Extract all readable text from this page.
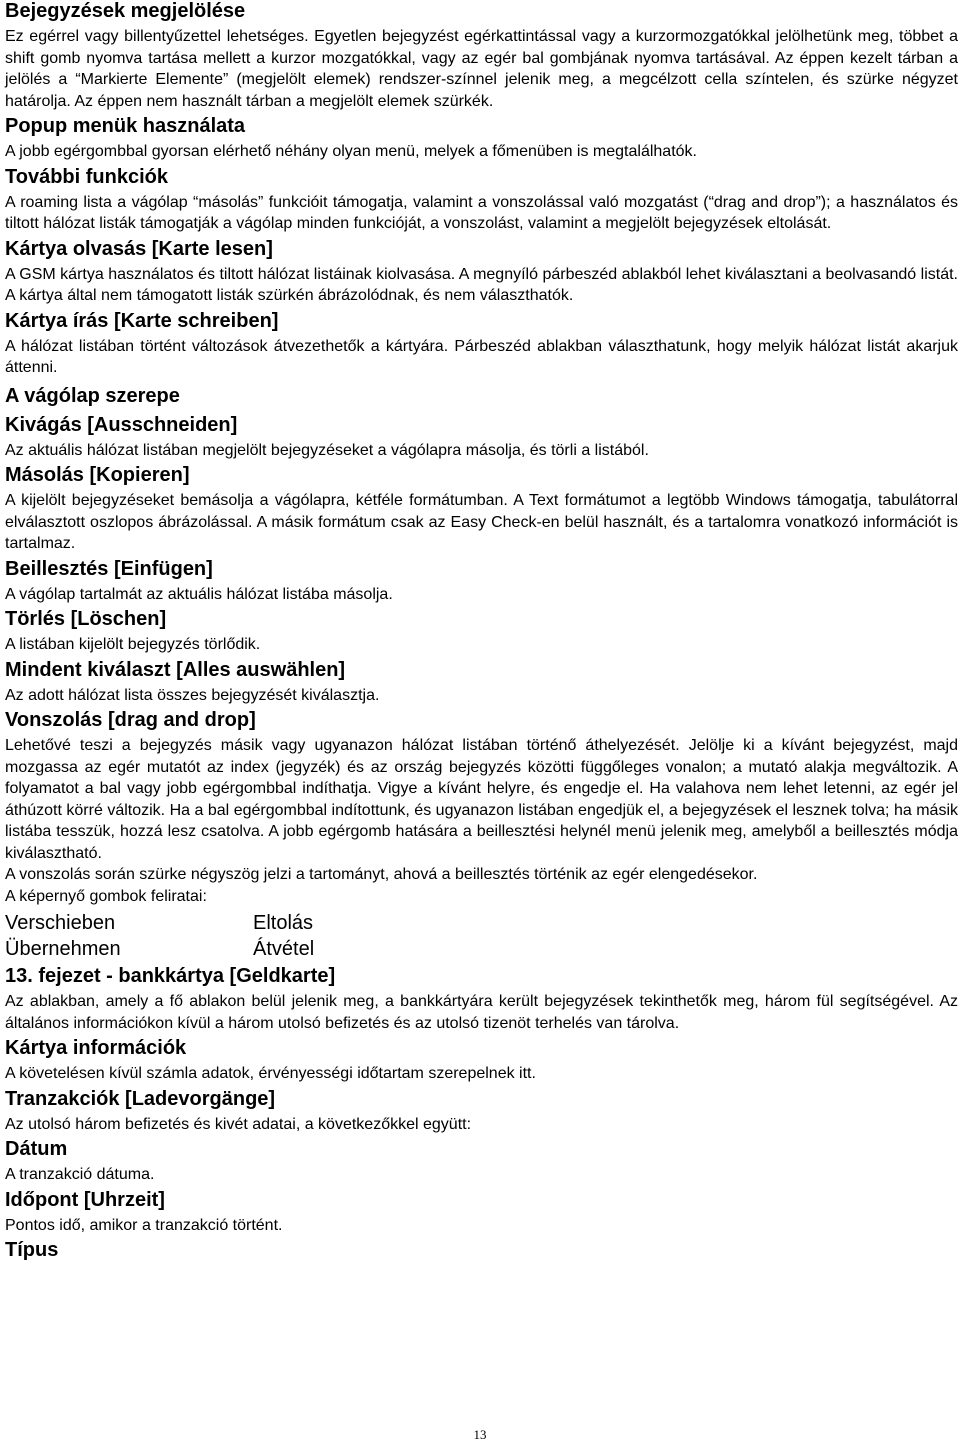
Bejegyzések megjelölése

Ez egérrel vagy billentyűzettel lehetséges. Egyetlen bejegyzést egérkattintással vagy a kurzormozgatókkal jelölhetünk meg, többet a shift gomb nyomva tartása mellett a kurzor mozgatókkal, vagy az egér bal gombjának nyomva tartásával. Az éppen kezelt tárban a jelölés a “Markierte Elemente” (megjelölt elemek) rendszer-színnel jelenik meg, a megcélzott cella színtelen, és szürke négyzet határolja. Az éppen nem használt tárban a megjelölt elemek szürkék.

Popup menük használata

A jobb egérgombbal gyorsan elérhető néhány olyan menü, melyek a főmenüben is megtalálhatók.

További funkciók

A roaming lista a vágólap “másolás” funkcióit támogatja, valamint a vonszolással való mozgatást (“drag and drop”); a használatos és tiltott hálózat listák támogatják a vágólap minden funkcióját, a vonszolást, valamint a megjelölt bejegyzések eltolását.

Kártya olvasás [Karte lesen]

A GSM kártya használatos és tiltott hálózat listáinak kiolvasása. A megnyíló párbeszéd ablakból lehet kiválasztani a beolvasandó listát. A kártya által nem támogatott listák szürkén ábrázolódnak, és nem választhatók.

Kártya írás [Karte schreiben]

A hálózat listában történt változások átvezethetők a kártyára. Párbeszéd ablakban választhatunk, hogy melyik hálózat listát akarjuk áttenni.

A vágólap szerepe
Kivágás [Ausschneiden]

Az aktuális hálózat listában megjelölt bejegyzéseket a vágólapra másolja, és törli a listából.

Másolás [Kopieren]

A kijelölt bejegyzéseket bemásolja a vágólapra, kétféle formátumban. A Text formátumot a legtöbb Windows támogatja, tabulátorral elválasztott oszlopos ábrázolással. A másik formátum csak az Easy Check-en belül használt, és a tartalomra vonatkozó információt is tartalmaz.

Beillesztés [Einfügen]

A vágólap tartalmát az aktuális hálózat listába másolja.

Törlés [Löschen]

A listában kijelölt bejegyzés törlődik.

Mindent kiválaszt [Alles auswählen]

Az adott hálózat lista összes bejegyzését kiválasztja.

Vonszolás [drag and drop]

Lehetővé teszi a bejegyzés másik vagy ugyanazon hálózat listában történő áthelyezését. Jelölje ki a kívánt bejegyzést, majd mozgassa az egér mutatót az index (jegyzék) és az ország bejegyzés közötti függőleges vonalon; a mutató alakja megváltozik. A folyamatot a bal vagy jobb egérgombbal indíthatja. Vigye a kívánt helyre, és engedje el. Ha valahova nem lehet letenni, az egér jel áthúzott körré változik. Ha a bal egérgombbal indítottunk, és ugyanazon listában engedjük el, a bejegyzések el lesznek tolva; ha másik listába tesszük, hozzá lesz csatolva. A jobb egérgomb hatására a beillesztési helynél menü jelenik meg, amelyből a beillesztés módja kiválasztható.

A vonszolás során szürke négyszög jelzi a tartományt, ahová a beillesztés történik az egér elengedésekor.

A képernyő gombok feliratai:

Verschieben	Eltolás
Übernehmen	Átvétel
13. fejezet - bankkártya [Geldkarte]

Az ablakban, amely a fő ablakon belül jelenik meg, a bankkártyára került bejegyzések tekinthetők meg, három fül segítségével. Az általános információkon kívül a három utolsó befizetés és az utolsó tizenöt terhelés van tárolva.

Kártya információk

A követelésen kívül számla adatok, érvényességi időtartam szerepelnek itt.

Tranzakciók [Ladevorgänge]

Az utolsó három befizetés és kivét adatai, a következőkkel együtt:

Dátum

A tranzakció dátuma.

Időpont [Uhrzeit]

Pontos idő, amikor a tranzakció történt.

Típus
13
